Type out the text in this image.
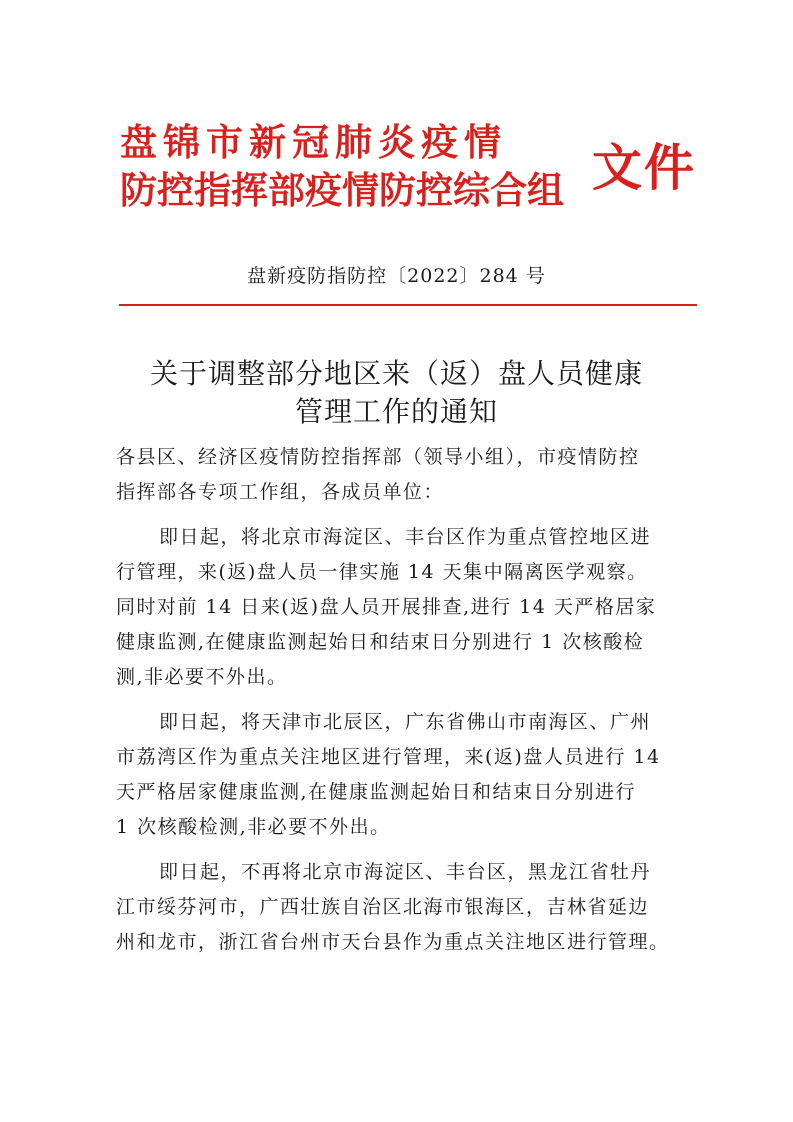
盘锦市新冠肺炎疫情
防控指挥部疫情防控综合组 文件
盘新疫防指防控〔2022〕284 号
关于调整部分地区来（返）盘人员健康
管理工作的通知

各县区、经济区疫情防控指挥部（领导小组），市疫情防控

指挥部各专项工作组，各成员单位：

即日起，将北京市海淀区、丰台区作为重点管控地区进

行管理，来(返)盘人员一律实施 14 天集中隔离医学观察。

同时对前 14 日来(返)盘人员开展排查,进行 14 天严格居家

健康监测,在健康监测起始日和结束日分别进行 1 次核酸检

测,非必要不外出。

即日起，将天津市北辰区，广东省佛山市南海区、广州

市荔湾区作为重点关注地区进行管理，来(返)盘人员进行 14

天严格居家健康监测,在健康监测起始日和结束日分别进行

1 次核酸检测,非必要不外出。

即日起，不再将北京市海淀区、丰台区，黑龙江省牡丹

江市绥芬河市，广西壮族自治区北海市银海区，吉林省延边

州和龙市，浙江省台州市天台县作为重点关注地区进行管理。
